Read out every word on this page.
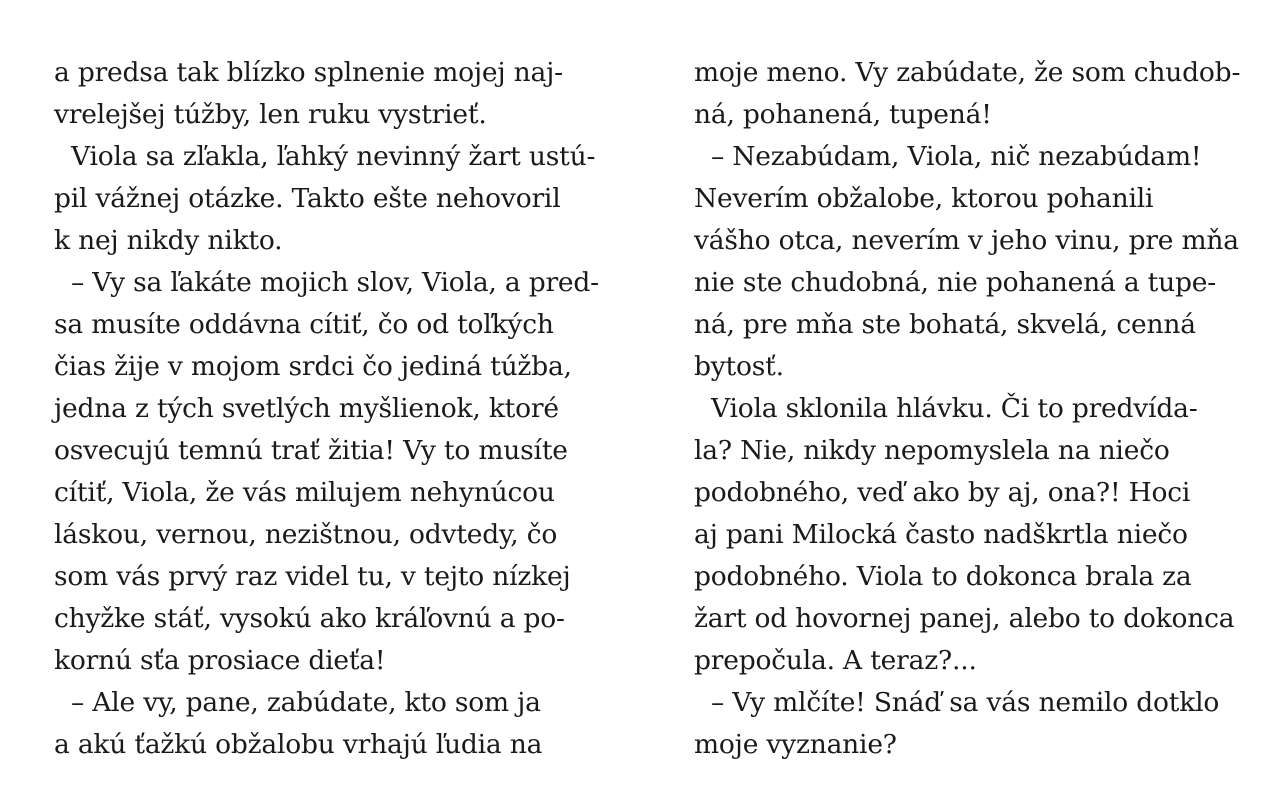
a predsa tak blízko splnenie mojej naj-
vrelejšej túžby, len ruku vystrieť.
Viola sa zľakla, ľahký nevinný žart ustú-
pil vážnej otázke. Takto ešte nehovoril
k nej nikdy nikto.
– Vy sa ľakáte mojich slov, Viola, a pred-
sa musíte oddávna cítiť, čo od toľkých
čias žije v mojom srdci čo jediná túžba,
jedna z tých svetlých myšlienok, ktoré
osvecujú temnú trať žitia! Vy to musíte
cítiť, Viola, že vás milujem nehynúcou
láskou, vernou, nezištnou, odvtedy, čo
som vás prvý raz videl tu, v tejto nízkej
chyžke stáť, vysokú ako kráľovnú a po-
kornú sťa prosiace dieťa!
– Ale vy, pane, zabúdate, kto som ja
a akú ťažkú obžalobu vrhajú ľudia na
moje meno. Vy zabúdate, že som chudob-
ná, pohanená, tupená!
– Nezabúdam, Viola, nič nezabúdam!
Neverím obžalobe, ktorou pohanili
vášho otca, neverím v jeho vinu, pre mňa
nie ste chudobná, nie pohanená a tupe-
ná, pre mňa ste bohatá, skvelá, cenná
bytosť.
Viola sklonila hlávku. Či to predvída-
la? Nie, nikdy nepomyslela na niečo
podobného, veď ako by aj, ona?! Hoci
aj pani Milocká často nadškrtla niečo
podobného. Viola to dokonca brala za
žart od hovornej panej, alebo to dokonca
prepočula. A teraz?...
– Vy mlčíte! Snáď sa vás nemilo dotklo
moje vyznanie?
